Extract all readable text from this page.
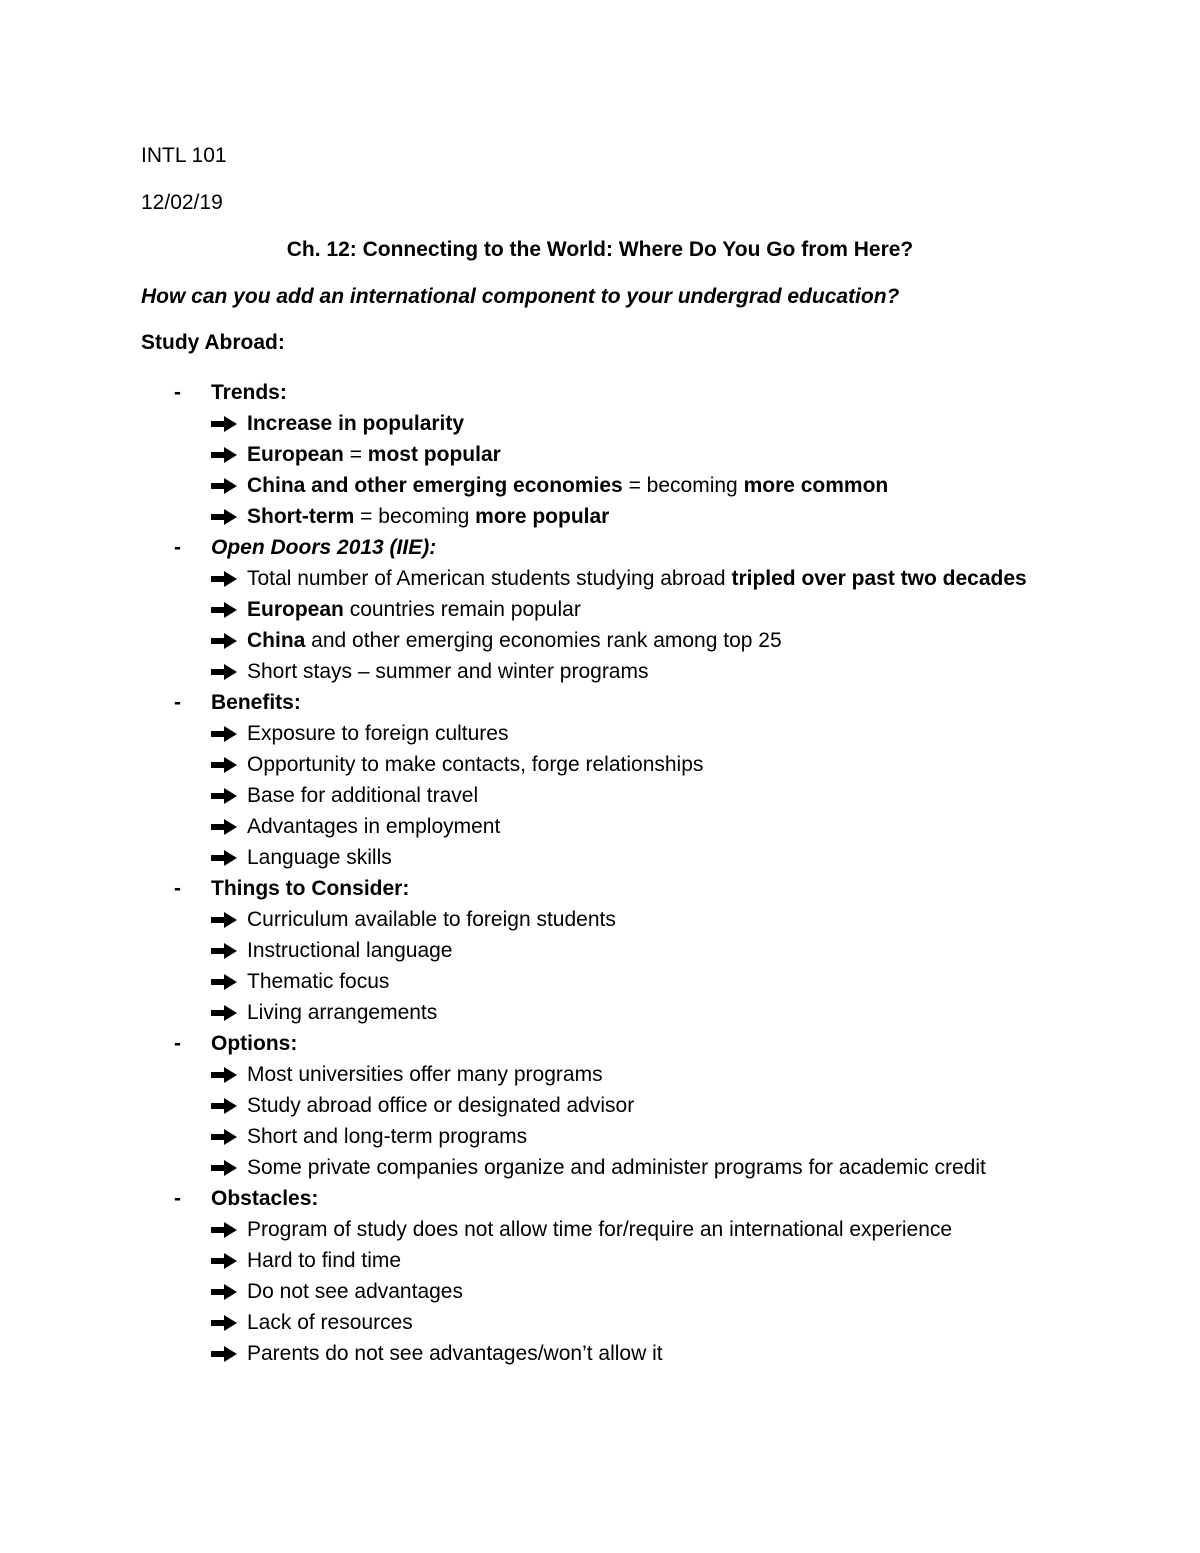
INTL 101
12/02/19
Ch. 12: Connecting to the World: Where Do You Go from Here?
How can you add an international component to your undergrad education?
Study Abroad:
- Trends:
Increase in popularity
European = most popular
China and other emerging economies = becoming more common
Short-term = becoming more popular
- Open Doors 2013 (IIE):
Total number of American students studying abroad tripled over past two decades
European countries remain popular
China and other emerging economies rank among top 25
Short stays – summer and winter programs
- Benefits:
Exposure to foreign cultures
Opportunity to make contacts, forge relationships
Base for additional travel
Advantages in employment
Language skills
- Things to Consider:
Curriculum available to foreign students
Instructional language
Thematic focus
Living arrangements
- Options:
Most universities offer many programs
Study abroad office or designated advisor
Short and long-term programs
Some private companies organize and administer programs for academic credit
- Obstacles:
Program of study does not allow time for/require an international experience
Hard to find time
Do not see advantages
Lack of resources
Parents do not see advantages/won’t allow it
